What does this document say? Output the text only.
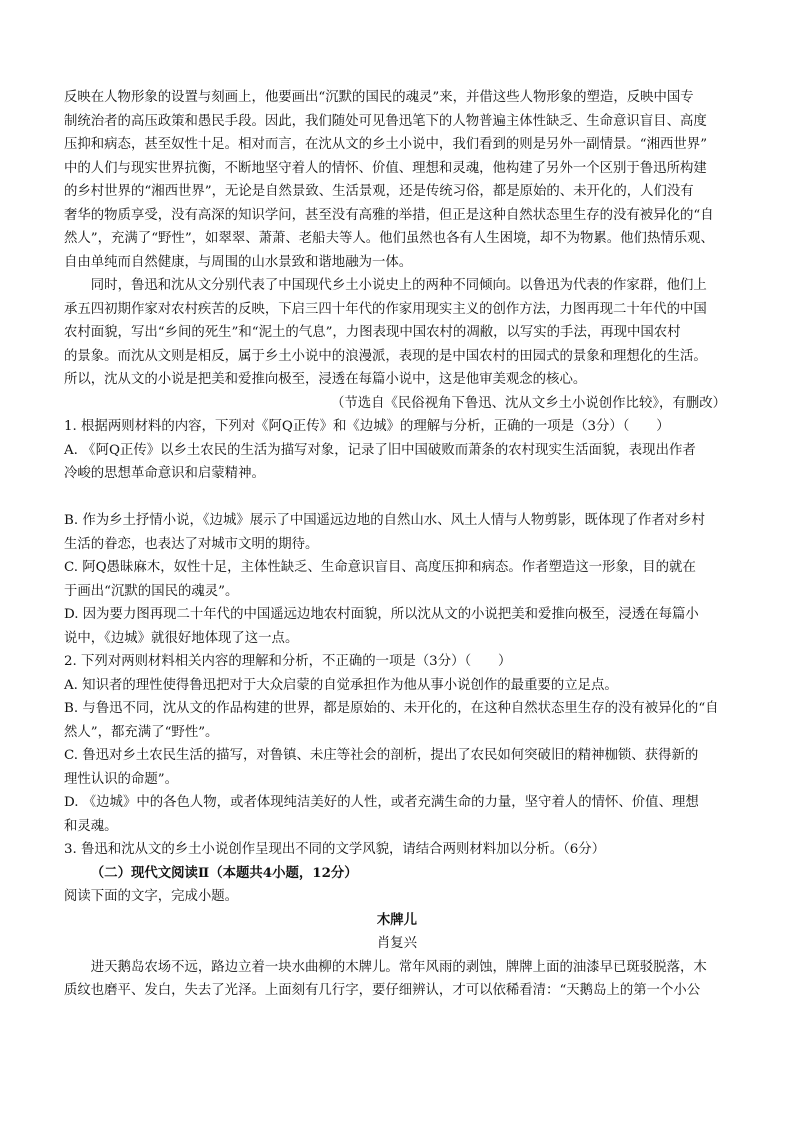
反映在人物形象的设置与刻画上，他要画出“沉默的国民的魂灵”来，并借这些人物形象的塑造，反映中国专

制统治者的高压政策和愚民手段。因此，我们随处可见鲁迅笔下的人物普遍主体性缺乏、生命意识盲目、高度

压抑和病态，甚至奴性十足。相对而言，在沈从文的乡土小说中，我们看到的则是另外一副情景。“湘西世界”

中的人们与现实世界抗衡，不断地坚守着人的情怀、价值、理想和灵魂，他构建了另外一个区别于鲁迅所构建

的乡村世界的“湘西世界”，无论是自然景致、生活景观，还是传统习俗，都是原始的、未开化的，人们没有

奢华的物质享受，没有高深的知识学问，甚至没有高雅的举措，但正是这种自然状态里生存的没有被异化的“自

然人”，充满了“野性”，如翠翠、萧萧、老船夫等人。他们虽然也各有人生困境，却不为物累。他们热情乐观、

自由单纯而自然健康，与周围的山水景致和谐地融为一体。

同时，鲁迅和沈从文分别代表了中国现代乡土小说史上的两种不同倾向。以鲁迅为代表的作家群，他们上

承五四初期作家对农村疾苦的反映，下启三四十年代的作家用现实主义的创作方法，力图再现二十年代的中国

农村面貌，写出“乡间的死生”和“泥土的气息”，力图表现中国农村的凋敝，以写实的手法，再现中国农村

的景象。而沈从文则是相反，属于乡土小说中的浪漫派，表现的是中国农村的田园式的景象和理想化的生活。

所以，沈从文的小说是把美和爱推向极至，浸透在每篇小说中，这是他审美观念的核心。

（节选自《民俗视角下鲁迅、沈从文乡土小说创作比较》，有删改）

1. 根据两则材料的内容，下列对《阿Q正传》和《边城》的理解与分析，正确的一项是（3分）（　　）

A. 《阿Q正传》以乡土农民的生活为描写对象，记录了旧中国破败而萧条的农村现实生活面貌，表现出作者

冷峻的思想革命意识和启蒙精神。

B. 作为乡土抒情小说，《边城》展示了中国遥远边地的自然山水、风土人情与人物剪影，既体现了作者对乡村

生活的眷恋，也表达了对城市文明的期待。

C. 阿Q愚昧麻木，奴性十足，主体性缺乏、生命意识盲目、高度压抑和病态。作者塑造这一形象，目的就在

于画出“沉默的国民的魂灵”。

D. 因为要力图再现二十年代的中国遥远边地农村面貌，所以沈从文的小说把美和爱推向极至，浸透在每篇小

说中，《边城》就很好地体现了这一点。

2. 下列对两则材料相关内容的理解和分析，不正确的一项是（3分）（　　）

A. 知识者的理性使得鲁迅把对于大众启蒙的自觉承担作为他从事小说创作的最重要的立足点。

B. 与鲁迅不同，沈从文的作品构建的世界，都是原始的、未开化的，在这种自然状态里生存的没有被异化的“自

然人”，都充满了“野性”。

C. 鲁迅对乡土农民生活的描写，对鲁镇、未庄等社会的剖析，提出了农民如何突破旧的精神枷锁、获得新的

理性认识的命题”。

D. 《边城》中的各色人物，或者体现纯洁美好的人性，或者充满生命的力量，坚守着人的情怀、价值、理想

和灵魂。

3. 鲁迅和沈从文的乡土小说创作呈现出不同的文学风貌，请结合两则材料加以分析。（6分）

（二）现代文阅读Ⅱ（本题共4小题，12分）

阅读下面的文字，完成小题。

木牌儿

肖复兴

进天鹅岛农场不远，路边立着一块水曲柳的木牌儿。常年风雨的剥蚀，牌牌上面的油漆早已斑驳脱落，木

质纹也磨平、发白，失去了光泽。上面刻有几行字，要仔细辨认，才可以依稀看清：“天鹅岛上的第一个小公
